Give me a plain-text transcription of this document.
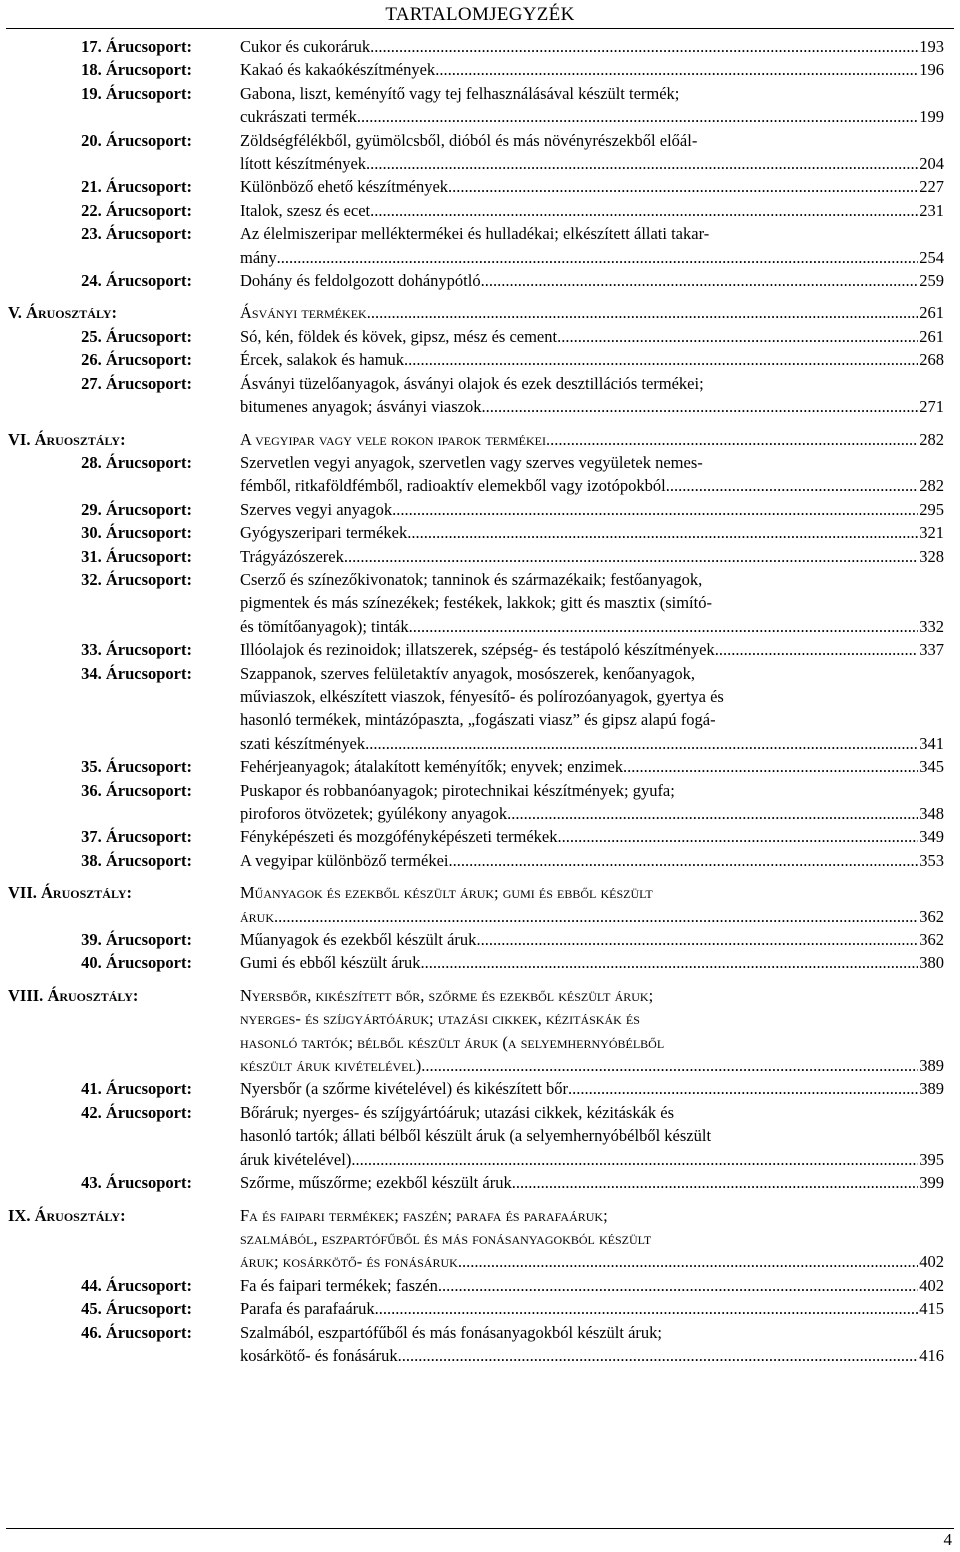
TARTALOMJEGYZÉK
17. Árucsoport:	Cukor és cukoráruk .....	193
18. Árucsoport:	Kakaó és kakaókészítmények .....	196
19. Árucsoport:	Gabona, liszt, keményítő vagy tej felhasználásával készült termék;
cukrászati termék .....	199
20. Árucsoport:	Zöldségfélékből, gyümölcsből, dióból és más növényrészekből előál-
lított készítmények .....	204
21. Árucsoport:	Különböző ehető készítmények .....	227
22. Árucsoport:	Italok, szesz és ecet .....	231
23. Árucsoport:	Az élelmiszeripar melléktermékei és hulladékai; elkészített állati takar-
mány .....	254
24. Árucsoport:	Dohány és feldolgozott dohánypótló .....	259
V. Áruosztály:	Ásványi termékek .....	261
25. Árucsoport:	Só, kén, földek és kövek, gipsz, mész és cement .....	261
26. Árucsoport:	Ércek, salakok és hamuk .....	268
27. Árucsoport:	Ásványi tüzelőanyagok, ásványi olajok és ezek desztillációs termékei;
bitumenes anyagok; ásványi viaszok .....	271
VI. Áruosztály:	A vegyipar vagy vele rokon iparok termékei .....	282
28. Árucsoport:	Szervetlen vegyi anyagok, szervetlen vagy szerves vegyületek nemes-
fémből, ritkaföldfémből, radioaktív elemekből vagy izotópokból .....	282
29. Árucsoport:	Szerves vegyi anyagok .....	295
30. Árucsoport:	Gyógyszeripari termékek .....	321
31. Árucsoport:	Trágyázószerek .....	328
32. Árucsoport:	Cserző és színezőkivonatok; tanninok és származékaik; festőanyagok,
pigmentek és más színezékek; festékek, lakkok; gitt és masztix (simító-
és tömítőanyagok); tinták .....	332
33. Árucsoport:	Illóolajok és rezinoidok; illatszerek, szépség- és testápoló készítmények .....	337
34. Árucsoport:	Szappanok, szerves felületaktív anyagok, mosószerek, kenőanyagok,
műviaszok, elkészített viaszok, fényesítő- és polírozóanyagok, gyertya és
hasonló termékek, mintázópaszta, „fogászati viasz” és gipsz alapú fogá-
szati készítmények .....	341
35. Árucsoport:	Fehérjeanyagok; átalakított keményítők; enyvek; enzimek .....	345
36. Árucsoport:	Puskapor és robbanóanyagok; pirotechnikai készítmények; gyufa;
piroforos ötvözetek; gyúlékony anyagok .....	348
37. Árucsoport:	Fényképészeti és mozgófényképészeti termékek .....	349
38. Árucsoport:	A vegyipar különböző termékei .....	353
VII. Áruosztály:	Műanyagok és ezekből készült áruk; gumi és ebből készült
áruk .....	362
39. Árucsoport:	Műanyagok és ezekből készült áruk .....	362
40. Árucsoport:	Gumi és ebből készült áruk .....	380
VIII. Áruosztály:	Nyersbőr, kikészített bőr, szőrme és ezekből készült áruk;
nyerges- és szíjgyártóáruk; utazási cikkek, kézitáskák és
hasonló tartók; bélből készült áruk (a selyemhernyóbélből
készült áruk kivételével) .....	389
41. Árucsoport:	Nyersbőr (a szőrme kivételével) és kikészített bőr .....	389
42. Árucsoport:	Bőráruk; nyerges- és szíjgyártóáruk; utazási cikkek, kézitáskák és
hasonló tartók; állati bélből készült áruk (a selyemhernyóbélből készült
áruk kivételével) .....	395
43. Árucsoport:	Szőrme, műszőrme; ezekből készült áruk .....	399
IX. Áruosztály:	Fa és faipari termékek; faszén; parafa és parafaáruk;
szalmából, eszpartófűből és más fonásanyagokból készült
áruk; kosárkötő- és fonásáruk .....	402
44. Árucsoport:	Fa és faipari termékek; faszén .....	402
45. Árucsoport:	Parafa és parafaáruk .....	415
46. Árucsoport:	Szalmából, eszpartófűből és más fonásanyagokból készült áruk;
kosárkötő- és fonásáruk .....	416
4
